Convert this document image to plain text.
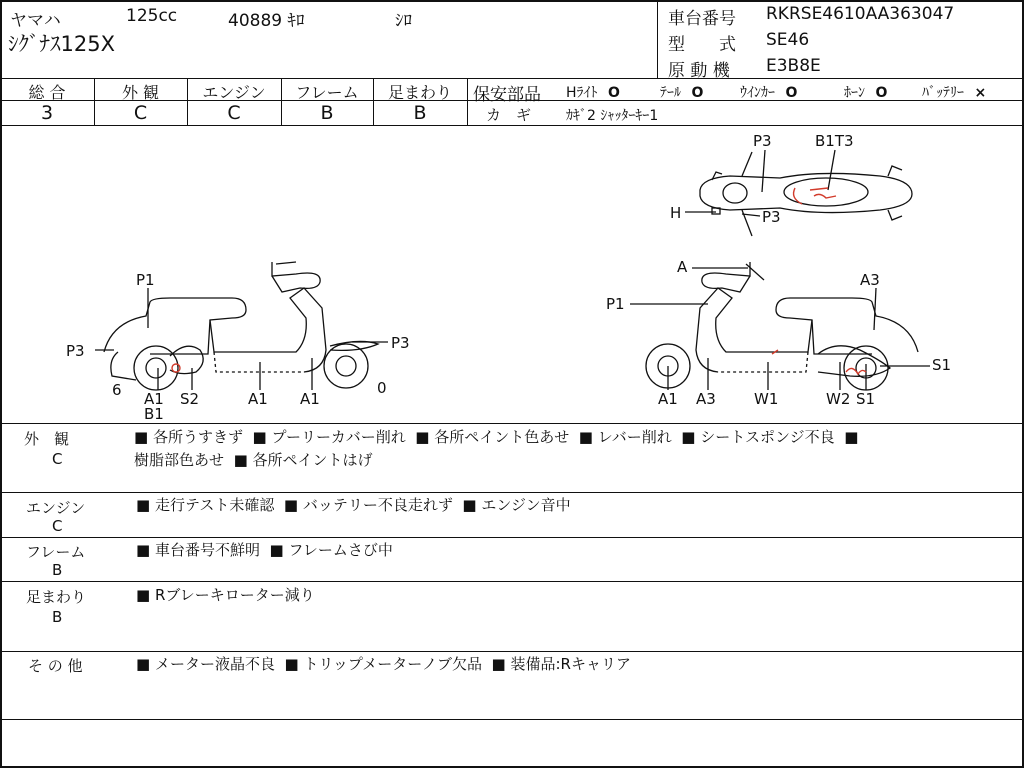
ヤマハ	125cc	40889 ｷﾛ	ｼﾛ
ｼｸﾞﾅｽ125X
車台番号 RKRSE4610AA363047
型　　式 SE46
原 動 機 E3B8E
総 合	外 観	エンジン	フレーム	足まわり
3	C	C	B	B
保安部品 Hﾗｲﾄ O	ﾃｰﾙ O	ｳｲﾝｶｰ O	ﾎｰﾝ O ﾊﾞｯﾃﾘｰ ×
カ　ギ ｶｷﾞ2 ｼｬｯﾀｰｷｰ1
P3	B1T3
H	P3
P1
P3	P3
6 A1
B1
S2	A1 A1
0
A
A3
P1
S1
A1 A3	W1	W2 S1
外　観
C
■ 各所うすきず ■ プーリーカバー削れ ■ 各所ペイント色あせ ■ レバー削れ ■ シートスポンジ不良 ■
樹脂部色あせ ■ 各所ペイントはげ
エンジン
C
■ 走行テスト未確認 ■ バッテリー不良走れず ■ エンジン音中
フレーム
B
■ 車台番号不鮮明 ■ フレームさび中
足まわり
B
■ Rブレーキローター減り
そ の 他	■ メーター液晶不良 ■ トリップメーターノブ欠品 ■ 装備品:Rキャリア
